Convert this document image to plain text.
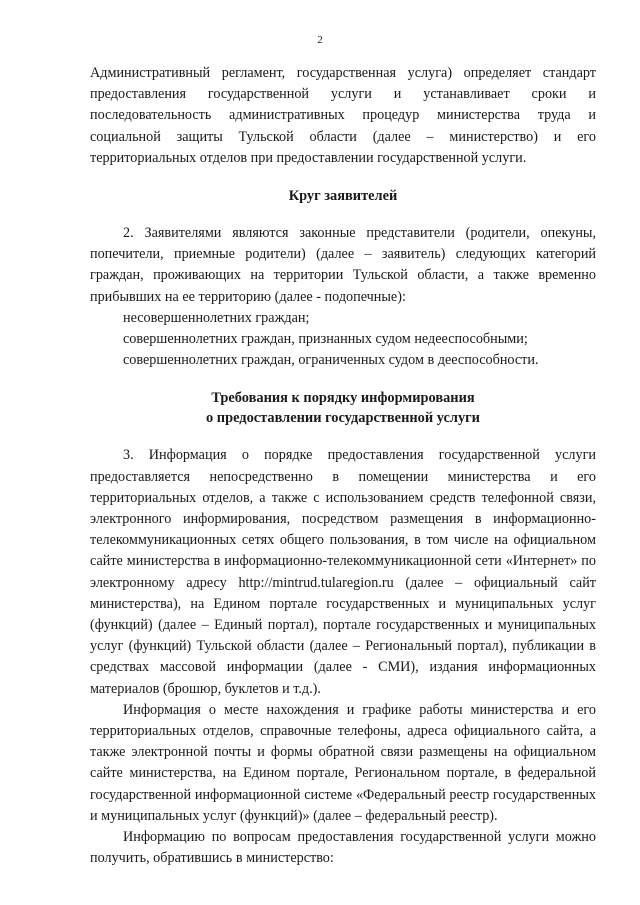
2

Административный регламент, государственная услуга) определяет стандарт предоставления государственной услуги и устанавливает сроки и последовательность административных процедур министерства труда и социальной защиты Тульской области (далее – министерство) и его территориальных отделов при предоставлении государственной услуги.

Круг заявителей

2. Заявителями являются законные представители (родители, опекуны, попечители, приемные родители) (далее – заявитель) следующих категорий граждан, проживающих на территории Тульской области, а также временно прибывших на ее территорию (далее - подопечные):

несовершеннолетних граждан;

совершеннолетних граждан, признанных судом недееспособными;

совершеннолетних граждан, ограниченных судом в дееспособности.

Требования к порядку информирования

о предоставлении государственной услуги

3. Информация о порядке предоставления государственной услуги предоставляется непосредственно в помещении министерства и его территориальных отделов, а также с использованием средств телефонной связи, электронного информирования, посредством размещения в информационно-телекоммуникационных сетях общего пользования, в том числе на официальном сайте министерства в информационно-телекоммуникационной сети «Интернет» по электронному адресу http://mintrud.tularegion.ru (далее – официальный сайт министерства), на Едином портале государственных и муниципальных услуг (функций) (далее – Единый портал), портале государственных и муниципальных услуг (функций) Тульской области (далее – Региональный портал), публикации в средствах массовой информации (далее - СМИ), издания информационных материалов (брошюр, буклетов и т.д.).

Информация о месте нахождения и графике работы министерства и его территориальных отделов, справочные телефоны, адреса официального сайта, а также электронной почты и формы обратной связи размещены на официальном сайте министерства, на Едином портале, Региональном портале, в федеральной государственной информационной системе «Федеральный реестр государственных и муниципальных услуг (функций)» (далее – федеральный реестр).

Информацию по вопросам предоставления государственной услуги можно получить, обратившись в министерство:
